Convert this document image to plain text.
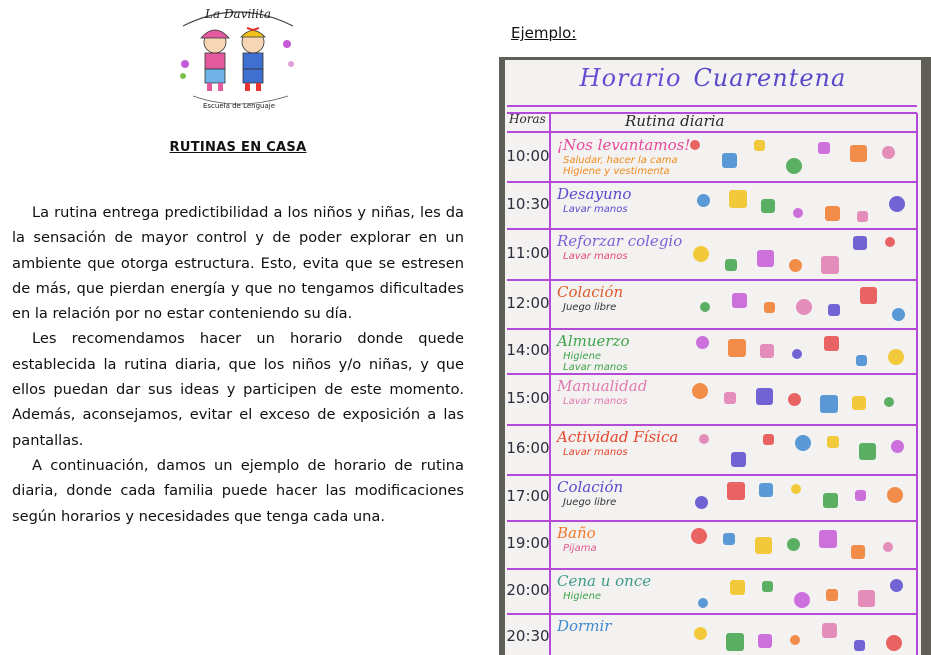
La Davilita
Escuela de Lenguaje
RUTINAS EN CASA

La rutina entrega predictibilidad a los niños y niñas, les da la sensación de mayor control y de poder explorar en un ambiente que otorga estructura. Esto, evita que se estresen de más, que pierdan energía y que no tengamos dificultades en la relación por no estar conteniendo su día.

Les recomendamos hacer un horario donde quede establecida la rutina diaria, que los niños y/o niñas, y que ellos puedan dar sus ideas y participen de este momento. Además, aconsejamos, evitar el exceso de exposición a las pantallas.

A continuación, damos un ejemplo de horario de rutina diaria, donde cada familia puede hacer las modificaciones según horarios y necesidades que tenga cada una.

Ejemplo:
Horario Cuarentena
Horas	Rutina diaria
10:00
¡Nos levantamos!
Saludar, hacer la cama
Higiene y vestimenta
10:30
Desayuno
Lavar manos
11:00
Reforzar colegio
Lavar manos
12:00
Colación
Juego libre
14:00 Almuerzo
Higiene
Lavar manos
15:00
Manualidad
Lavar manos
16:00
Actividad Física
Lavar manos
17:00 Colación
Juego libre
19:00
Baño
Pijama
20:00 Cena u once
Higiene
20:30
Dormir
